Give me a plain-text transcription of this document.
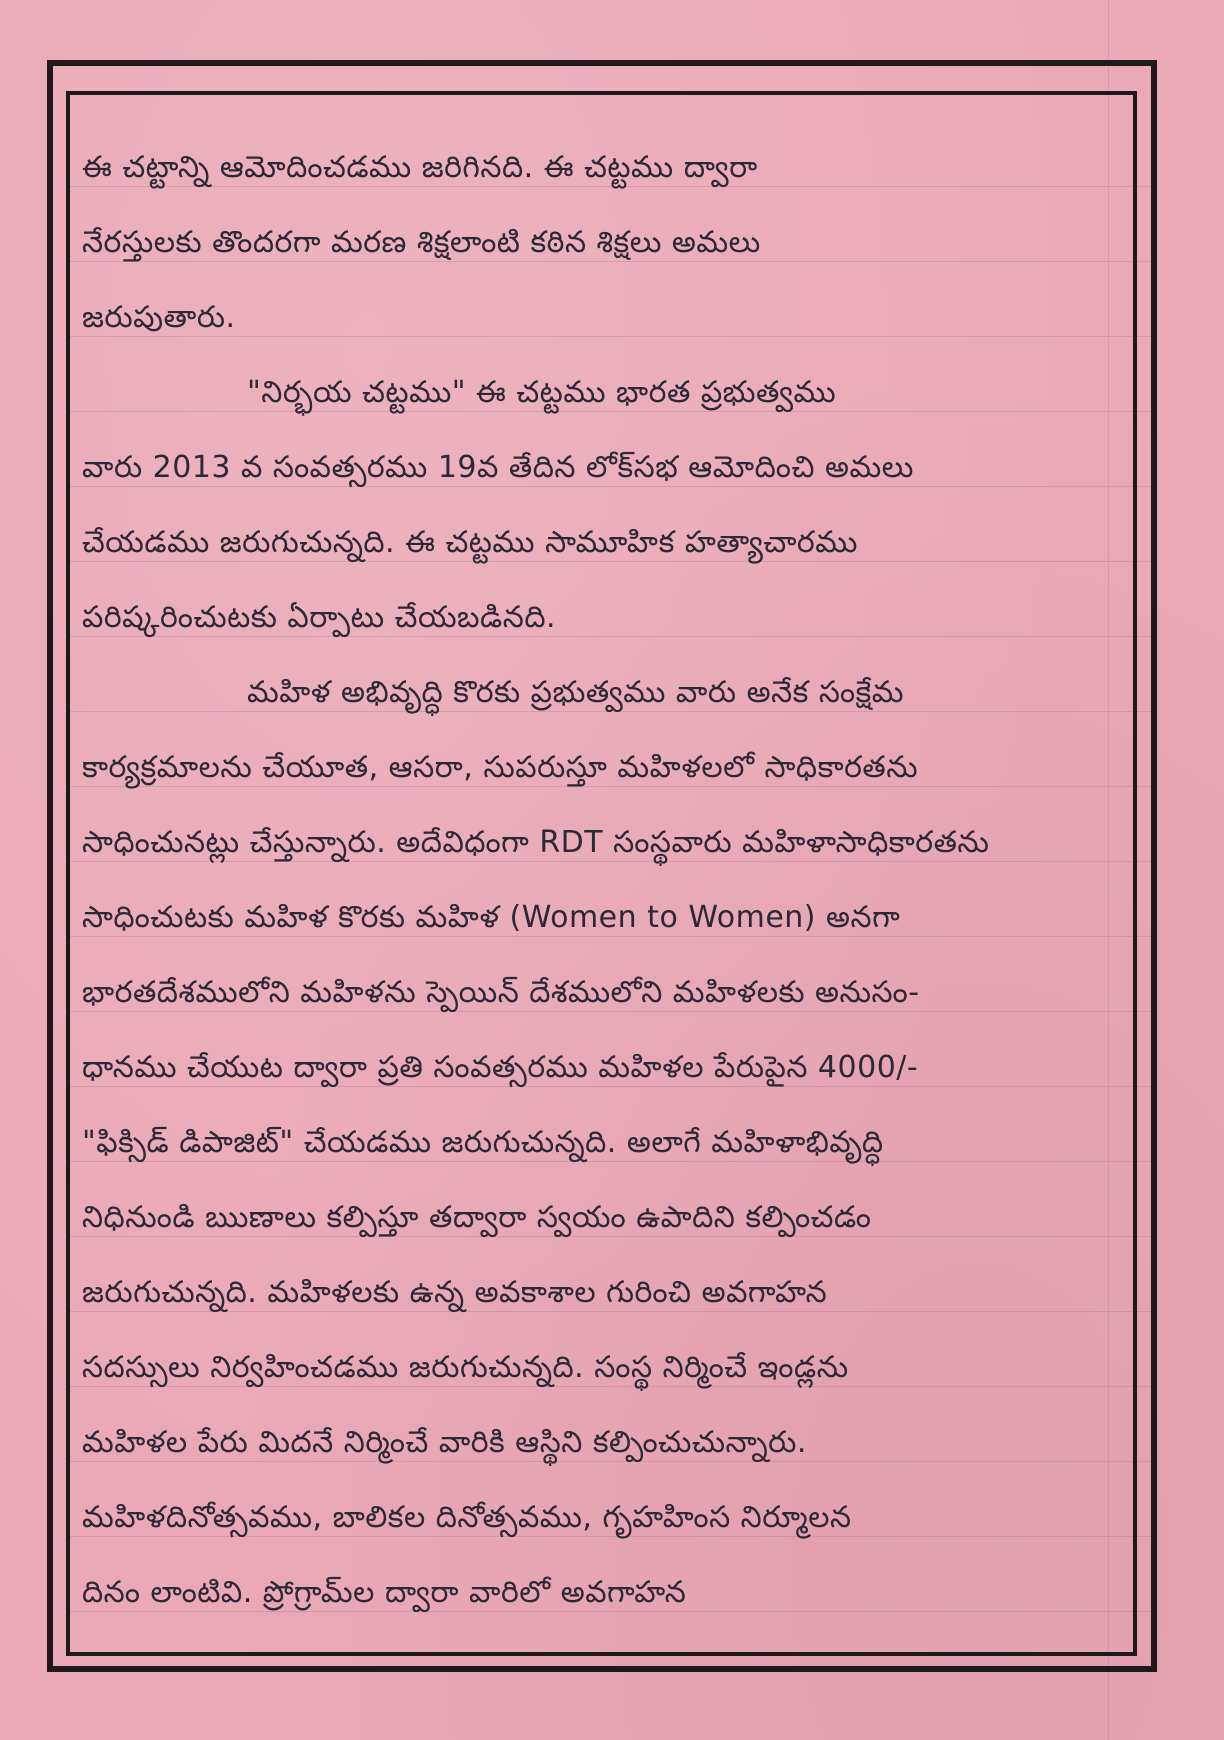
ఈ చట్టాన్ని ఆమోదించడము జరిగినది. ఈ చట్టము ద్వారా
నేరస్తులకు తొందరగా మరణ శిక్షలాంటి కఠిన శిక్షలు అమలు
జరుపుతారు.
"నిర్భయ చట్టము" ఈ చట్టము భారత ప్రభుత్వము
వారు 2013 వ సంవత్సరము 19వ తేదిన లోక్‌సభ ఆమోదించి అమలు
చేయడము జరుగుచున్నది. ఈ చట్టము సామూహిక హత్యాచారము
పరిష్కరించుటకు ఏర్పాటు చేయబడినది.
మహిళ అభివృద్ధి కొరకు ప్రభుత్వము వారు అనేక సంక్షేమ
కార్యక్రమాలను చేయూత, ఆసరా, సుపరుస్తూ మహిళలలో సాధికారతను
సాధించునట్లు చేస్తున్నారు. అదేవిధంగా RDT సంస్థవారు మహిళాసాధికారతను
సాధించుటకు మహిళ కొరకు మహిళ (Women to Women) అనగా
భారతదేశములోని మహిళను స్పెయిన్ దేశములోని మహిళలకు అనుసం-
ధానము చేయుట ద్వారా ప్రతి సంవత్సరము మహిళల పేరుపైన 4000/-
"ఫిక్సిడ్ డిపాజిట్" చేయడము జరుగుచున్నది. అలాగే మహిళాభివృద్ధి
నిధినుండి ఋణాలు కల్పిస్తూ తద్వారా స్వయం ఉపాదిని కల్పించడం
జరుగుచున్నది. మహిళలకు ఉన్న అవకాశాల గురించి అవగాహన
సదస్సులు నిర్వహించడము జరుగుచున్నది. సంస్థ నిర్మించే ఇండ్లను
మహిళల పేరు మిదనే నిర్మించే వారికి ఆస్థిని కల్పించుచున్నారు.
మహిళదినోత్సవము, బాలికల దినోత్సవము, గృహహింస నిర్మూలన
దినం లాంటివి. ప్రోగ్రామ్‌ల ద్వారా వారిలో అవగాహన
